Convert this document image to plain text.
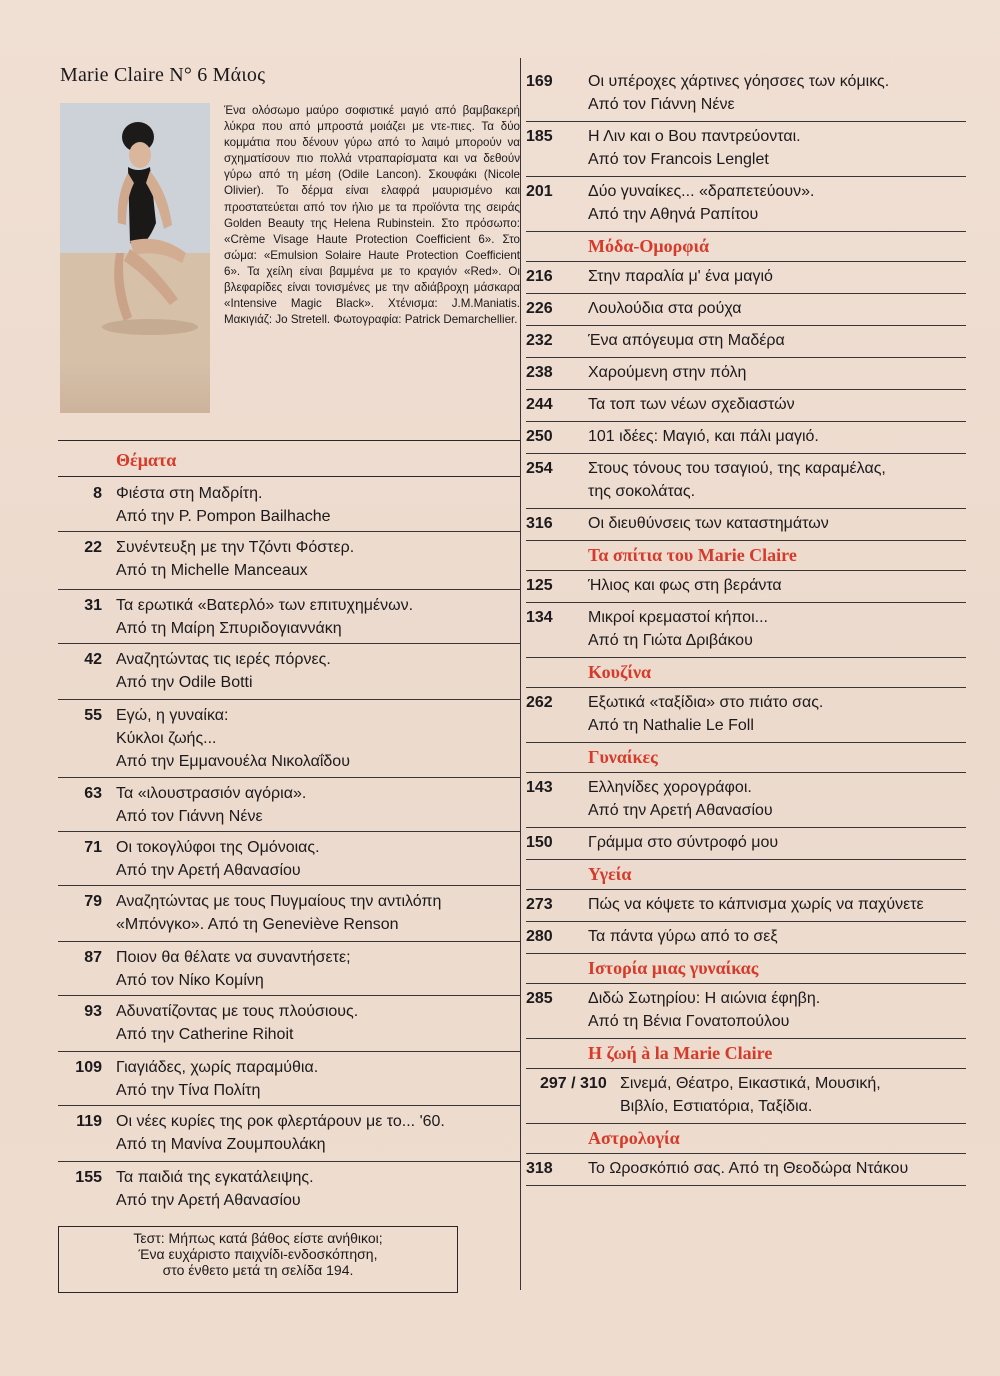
Marie Claire N° 6 Μάιος
Ένα ολόσωμο μαύρο σοφιστικέ μαγιό από βαμβακερή λύκρα που από μπροστά μοιάζει με ντε-πιες. Τα δύο κομμάτια που δένουν γύρω από το λαιμό μπορούν να σχηματίσουν πιο πολλά ντραπαρίσματα και να δεθούν γύρω από τη μέση (Odile Lancon). Σκουφάκι (Nicole Olivier). Το δέρμα είναι ελαφρά μαυρισμένο και προστατεύεται από τον ήλιο με τα προϊόντα της σειράς Golden Beauty της Helena Rubinstein. Στο πρόσωπο: «Crème Visage Haute Protection Coefficient 6». Στο σώμα: «Emulsion Solaire Haute Protection Coefficient 6». Τα χείλη είναι βαμμένα με το κραγιόν «Red». Οι βλεφαρίδες είναι τονισμένες με την αδιάβροχη μάσκαρα «Intensive Magic Black». Χτένισμα: J.M.Maniatis. Μακιγιάζ: Jo Stretell. Φωτογραφία: Patrick Demarchellier.
Θέματα
8 Φιέστα στη Μαδρίτη.
Από την P. Pompon Bailhache
22 Συνέντευξη με την Τζόντι Φόστερ.
Από τη Michelle Manceaux
31 Τα ερωτικά «Βατερλό» των επιτυχημένων.
Από τη Μαίρη Σπυριδογιαννάκη
42 Αναζητώντας τις ιερές πόρνες.
Από την Odile Botti
55 Εγώ, η γυναίκα:
Κύκλοι ζωής...
Από την Εμμανουέλα Νικολαΐδου
63 Τα «ιλουστρασιόν αγόρια».
Από τον Γιάννη Νένε
71 Οι τοκογλύφοι της Ομόνοιας.
Από την Αρετή Αθανασίου
79 Αναζητώντας με τους Πυγμαίους την αντιλόπη
«Μπόνγκο». Από τη Geneviève Renson
87 Ποιον θα θέλατε να συναντήσετε;
Από τον Νίκο Κομίνη
93 Αδυνατίζοντας με τους πλούσιους.
Από την Catherine Rihoit
109 Γιαγιάδες, χωρίς παραμύθια.
Από την Τίνα Πολίτη
119 Οι νέες κυρίες της ροκ φλερτάρουν με το... '60.
Από τη Μανίνα Ζουμπουλάκη
155 Τα παιδιά της εγκατάλειψης.
Από την Αρετή Αθανασίου
Τεστ: Μήπως κατά βάθος είστε ανήθικοι;
Ένα ευχάριστο παιχνίδι-ενδοσκόπηση,
στο ένθετο μετά τη σελίδα 194.
169	Οι υπέροχες χάρτινες γόησσες των κόμικς.
Από τον Γιάννη Νένε
185	Η Λιν και ο Βου παντρεύονται.
Από τον Francois Lenglet
201	Δύο γυναίκες... «δραπετεύουν».
Από την Αθηνά Ραπίτου
Μόδα-Ομορφιά
216	Στην παραλία μ' ένα μαγιό
226	Λουλούδια στα ρούχα
232	Ένα απόγευμα στη Μαδέρα
238	Χαρούμενη στην πόλη
244	Τα τοπ των νέων σχεδιαστών
250	101 ιδέες: Μαγιό, και πάλι μαγιό.
254	Στους τόνους του τσαγιού, της καραμέλας,
της σοκολάτας.
316	Οι διευθύνσεις των καταστημάτων
Τα σπίτια του Marie Claire
125	Ήλιος και φως στη βεράντα
134	Μικροί κρεμαστοί κήποι...
Από τη Γιώτα Δριβάκου
Κουζίνα
262	Εξωτικά «ταξίδια» στο πιάτο σας.
Από τη Nathalie Le Foll
Γυναίκες
143	Ελληνίδες χορογράφοι.
Από την Αρετή Αθανασίου
150	Γράμμα στο σύντροφό μου
Υγεία
273	Πώς να κόψετε το κάπνισμα χωρίς να παχύνετε
280	Τα πάντα γύρω από το σεξ
Ιστορία μιας γυναίκας
285	Διδώ Σωτηρίου: Η αιώνια έφηβη.
Από τη Βένια Γονατοπούλου
Η ζωή à la Marie Claire
297 / 310 Σινεμά, Θέατρο, Εικαστικά, Μουσική,
Βιβλίο, Εστιατόρια, Ταξίδια.
Αστρολογία
318	Το Ωροσκόπιό σας. Από τη Θεοδώρα Ντάκου
